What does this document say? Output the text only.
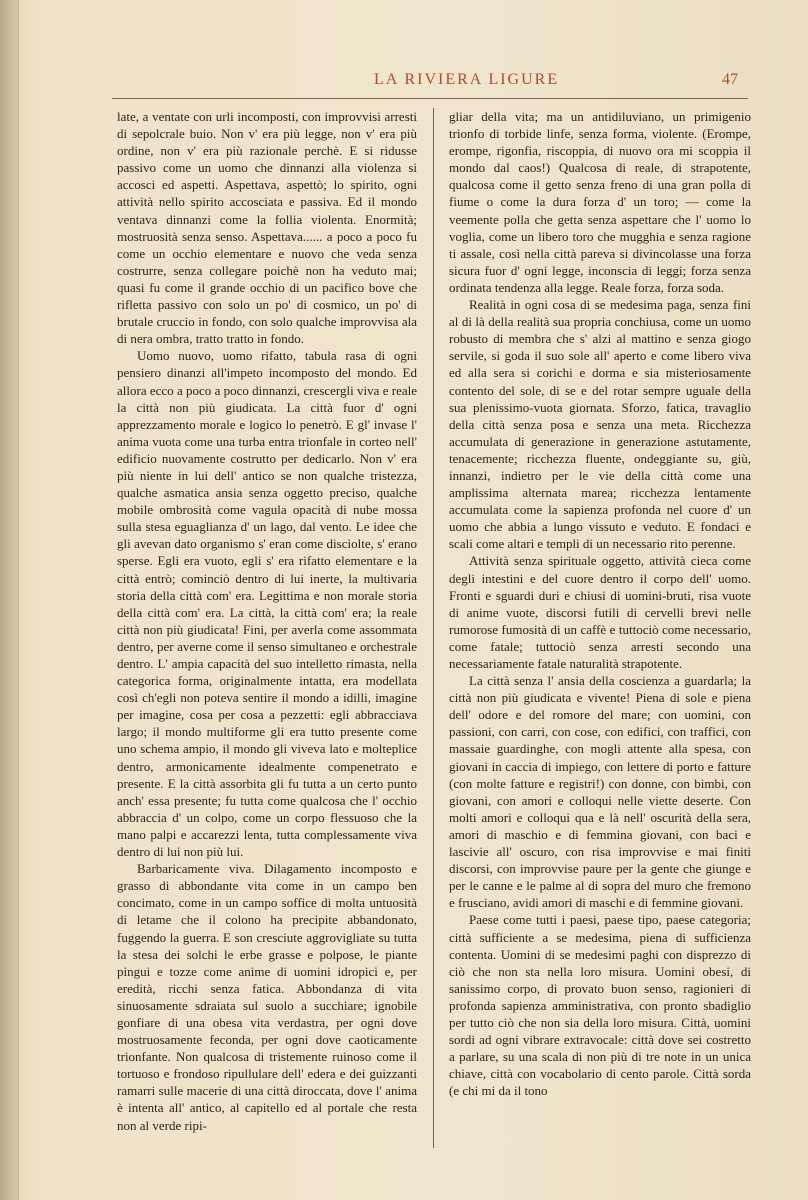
LA RIVIERA LIGURE	47

late, a ventate con urli incomposti, con improvvisi arresti di sepolcrale buio. Non v' era più legge, non v' era più ordine, non v' era più razionale perchè. E si ridusse passivo come un uomo che dinnanzi alla violenza si accosci ed aspetti. Aspettava, aspettò; lo spirito, ogni attività nello spirito accosciata e passiva. Ed il mondo ventava dinnanzi come la follia violenta. Enormità; mostruosità senza senso. Aspettava...... a poco a poco fu come un occhio elementare e nuovo che veda senza costrurre, senza collegare poichè non ha veduto mai; quasi fu come il grande occhio di un pacifico bove che rifletta passivo con solo un po' di cosmico, un po' di brutale cruccio in fondo, con solo qualche improvvisa ala di nera ombra, tratto tratto in fondo.

Uomo nuovo, uomo rifatto, tabula rasa di ogni pensiero dinanzi all'impeto incomposto del mondo. Ed allora ecco a poco a poco dinnanzi, crescergli viva e reale la città non più giudicata. La città fuor d' ogni apprezzamento morale e logico lo penetrò. E gl' invase l' anima vuota come una turba entra trionfale in corteo nell' edificio nuovamente costrutto per dedicarlo. Non v' era più niente in lui dell' antico se non qualche tristezza, qualche asmatica ansia senza oggetto preciso, qualche mobile ombrosità come vagula opacità di nube mossa sulla stesa eguaglianza d' un lago, dal vento. Le idee che gli avevan dato organismo s' eran come disciolte, s' erano sperse. Egli era vuoto, egli s' era rifatto elementare e la città entrò; cominciò dentro di lui inerte, la multivaria storia della città com' era. Legittima e non morale storia della città com' era. La città, la città com' era; la reale città non più giudicata! Fini, per averla come assommata dentro, per averne come il senso simultaneo e orchestrale dentro. L' ampia capacità del suo intelletto rimasta, nella categorica forma, originalmente intatta, era modellata così ch'egli non poteva sentire il mondo a idilli, imagine per imagine, cosa per cosa a pezzetti: egli abbracciava largo; il mondo multiforme gli era tutto presente come uno schema ampio, il mondo gli viveva lato e molteplice dentro, armonicamente idealmente compenetrato e presente. E la città assorbita gli fu tutta a un certo punto anch' essa presente; fu tutta come qualcosa che l' occhio abbraccia d' un colpo, come un corpo flessuoso che la mano palpi e accarezzi lenta, tutta complessamente viva dentro di lui non più lui.

Barbaricamente viva. Dilagamento incomposto e grasso di abbondante vita come in un campo ben concimato, come in un campo soffice di molta untuosità di letame che il colono ha precipite abbandonato, fuggendo la guerra. E son cresciute aggrovigliate su tutta la stesa dei solchi le erbe grasse e polpose, le piante pingui e tozze come anime di uomini idropici e, per eredità, ricchi senza fatica. Abbondanza di vita sinuosamente sdraiata sul suolo a succhiare; ignobile gonfiare di una obesa vita verdastra, per ogni dove mostruosamente feconda, per ogni dove caoticamente trionfante. Non qualcosa di tristemente ruinoso come il tortuoso e frondoso ripullulare dell' edera e dei guizzanti ramarri sulle macerie di una città diroccata, dove l' anima è intenta all' antico, al capitello ed al portale che resta non al verde ripi-

gliar della vita; ma un antidiluviano, un primigenio trionfo di torbide linfe, senza forma, violente. (Erompe, erompe, rigonfia, riscoppia, di nuovo ora mi scoppia il mondo dal caos!) Qualcosa di reale, di strapotente, qualcosa come il getto senza freno di una gran polla di fiume o come la dura forza d' un toro; — come la veemente polla che getta senza aspettare che l' uomo lo voglia, come un libero toro che mugghia e senza ragione ti assale, così nella città pareva si divincolasse una forza sicura fuor d' ogni legge, inconscia di leggi; forza senza ordinata tendenza alla legge. Reale forza, forza soda.

Realità in ogni cosa di se medesima paga, senza fini al di là della realità sua propria conchiusa, come un uomo robusto di membra che s' alzi al mattino e senza giogo servile, si goda il suo sole all' aperto e come libero viva ed alla sera si corichi e dorma e sia misteriosamente contento del sole, di se e del rotar sempre uguale della sua plenissimo-vuota giornata. Sforzo, fatica, travaglio della città senza posa e senza una meta. Ricchezza accumulata di generazione in generazione astutamente, tenacemente; ricchezza fluente, ondeggiante su, giù, innanzi, indietro per le vie della città come una amplissima alternata marea; ricchezza lentamente accumulata come la sapienza profonda nel cuore d' un uomo che abbia a lungo vissuto e veduto. E fondaci e scali come altari e templi di un necessario rito perenne.

Attività senza spirituale oggetto, attività cieca come degli intestini e del cuore dentro il corpo dell' uomo. Fronti e sguardi duri e chiusi di uomini-bruti, risa vuote di anime vuote, discorsi futili di cervelli brevi nelle rumorose fumosità di un caffè e tuttociò come necessario, come fatale; tuttociò senza arresti secondo una necessariamente fatale naturalità strapotente.

La città senza l' ansia della coscienza a guardarla; la città non più giudicata e vivente! Piena di sole e piena dell' odore e del romore del mare; con uomini, con passioni, con carri, con cose, con edifici, con traffici, con massaie guardinghe, con mogli attente alla spesa, con giovani in caccia di impiego, con lettere di porto e fatture (con molte fatture e registri!) con donne, con bimbi, con giovani, con amori e colloqui nelle viette deserte. Con molti amori e colloqui qua e là nell' oscurità della sera, amori di maschio e di femmina giovani, con baci e lascivie all' oscuro, con risa improvvise e mai finiti discorsi, con improvvise paure per la gente che giunge e per le canne e le palme al di sopra del muro che fremono e frusciano, avidi amori di maschi e di femmine giovani.

Paese come tutti i paesi, paese tipo, paese categoria; città sufficiente a se medesima, piena di sufficienza contenta. Uomini di se medesimi paghi con disprezzo di ciò che non sta nella loro misura. Uomini obesi, di sanissimo corpo, di provato buon senso, ragionieri di profonda sapienza amministrativa, con pronto sbadiglio per tutto ciò che non sia della loro misura. Città, uomini sordi ad ogni vibrare extravocale: città dove sei costretto a parlare, su una scala di non più di tre note in un unica chiave, città con vocabolario di cento parole. Città sorda (e chi mi da il tono
